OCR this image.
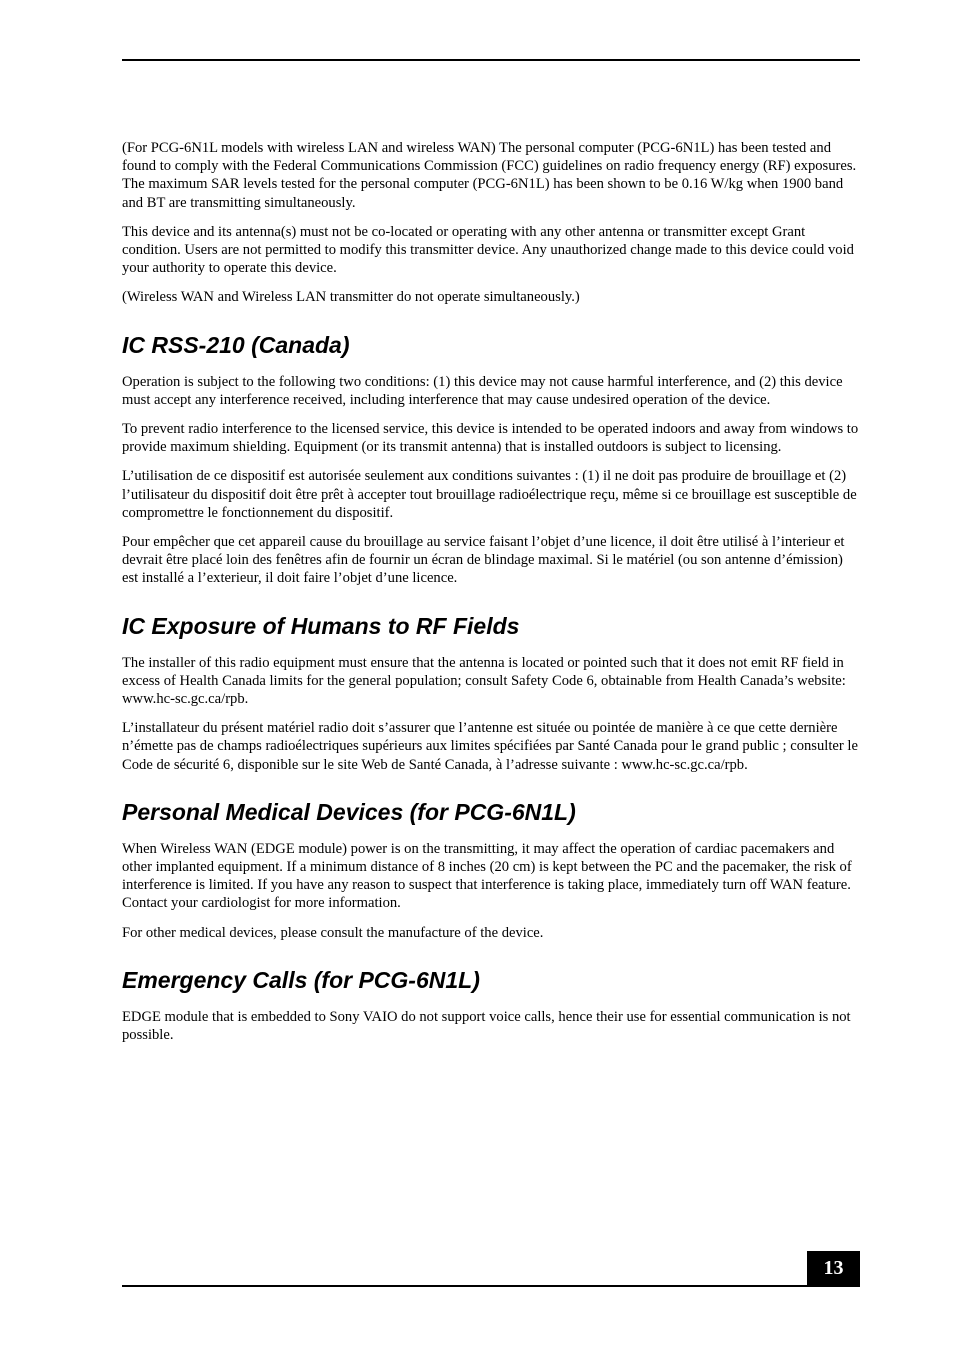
(For PCG-6N1L models with wireless LAN and wireless WAN) The personal computer (PCG-6N1L) has been tested and found to comply with the Federal Communications Commission (FCC) guidelines on radio frequency energy (RF) exposures. The maximum SAR levels tested for the personal computer (PCG-6N1L) has been shown to be 0.16 W/kg when 1900 band and BT are transmitting simultaneously.

This device and its antenna(s) must not be co-located or operating with any other antenna or transmitter except Grant condition. Users are not permitted to modify this transmitter device. Any unauthorized change made to this device could void your authority to operate this device.

(Wireless WAN and Wireless LAN transmitter do not operate simultaneously.)

IC RSS-210 (Canada)

Operation is subject to the following two conditions: (1) this device may not cause harmful interference, and (2) this device must accept any interference received, including interference that may cause undesired operation of the device.

To prevent radio interference to the licensed service, this device is intended to be operated indoors and away from windows to provide maximum shielding. Equipment (or its transmit antenna) that is installed outdoors is subject to licensing.

L’utilisation de ce dispositif est autorisée seulement aux conditions suivantes : (1) il ne doit pas produire de brouillage et (2) l’utilisateur du dispositif doit être prêt à accepter tout brouillage radioélectrique reçu, même si ce brouillage est susceptible de compromettre le fonctionnement du dispositif.

Pour empêcher que cet appareil cause du brouillage au service faisant l’objet d’une licence, il doit être utilisé à l’interieur et devrait être placé loin des fenêtres afin de fournir un écran de blindage maximal. Si le matériel (ou son antenne d’émission) est installé a l’exterieur, il doit faire l’objet d’une licence.

IC Exposure of Humans to RF Fields

The installer of this radio equipment must ensure that the antenna is located or pointed such that it does not emit RF field in excess of Health Canada limits for the general population; consult Safety Code 6, obtainable from Health Canada’s website: www.hc-sc.gc.ca/rpb.

L’installateur du présent matériel radio doit s’assurer que l’antenne est située ou pointée de manière à ce que cette dernière n’émette pas de champs radioélectriques supérieurs aux limites spécifiées par Santé Canada pour le grand public ; consulter le Code de sécurité 6, disponible sur le site Web de Santé Canada, à l’adresse suivante : www.hc-sc.gc.ca/rpb.

Personal Medical Devices (for PCG-6N1L)

When Wireless WAN (EDGE module) power is on the transmitting, it may affect the operation of cardiac pacemakers and other implanted equipment. If a minimum distance of 8 inches (20 cm) is kept between the PC and the pacemaker, the risk of interference is limited. If you have any reason to suspect that interference is taking place, immediately turn off WAN feature. Contact your cardiologist for more information.

For other medical devices, please consult the manufacture of the device.

Emergency Calls (for PCG-6N1L)

EDGE module that is embedded to Sony VAIO do not support voice calls, hence their use for essential communication is not possible.

13
